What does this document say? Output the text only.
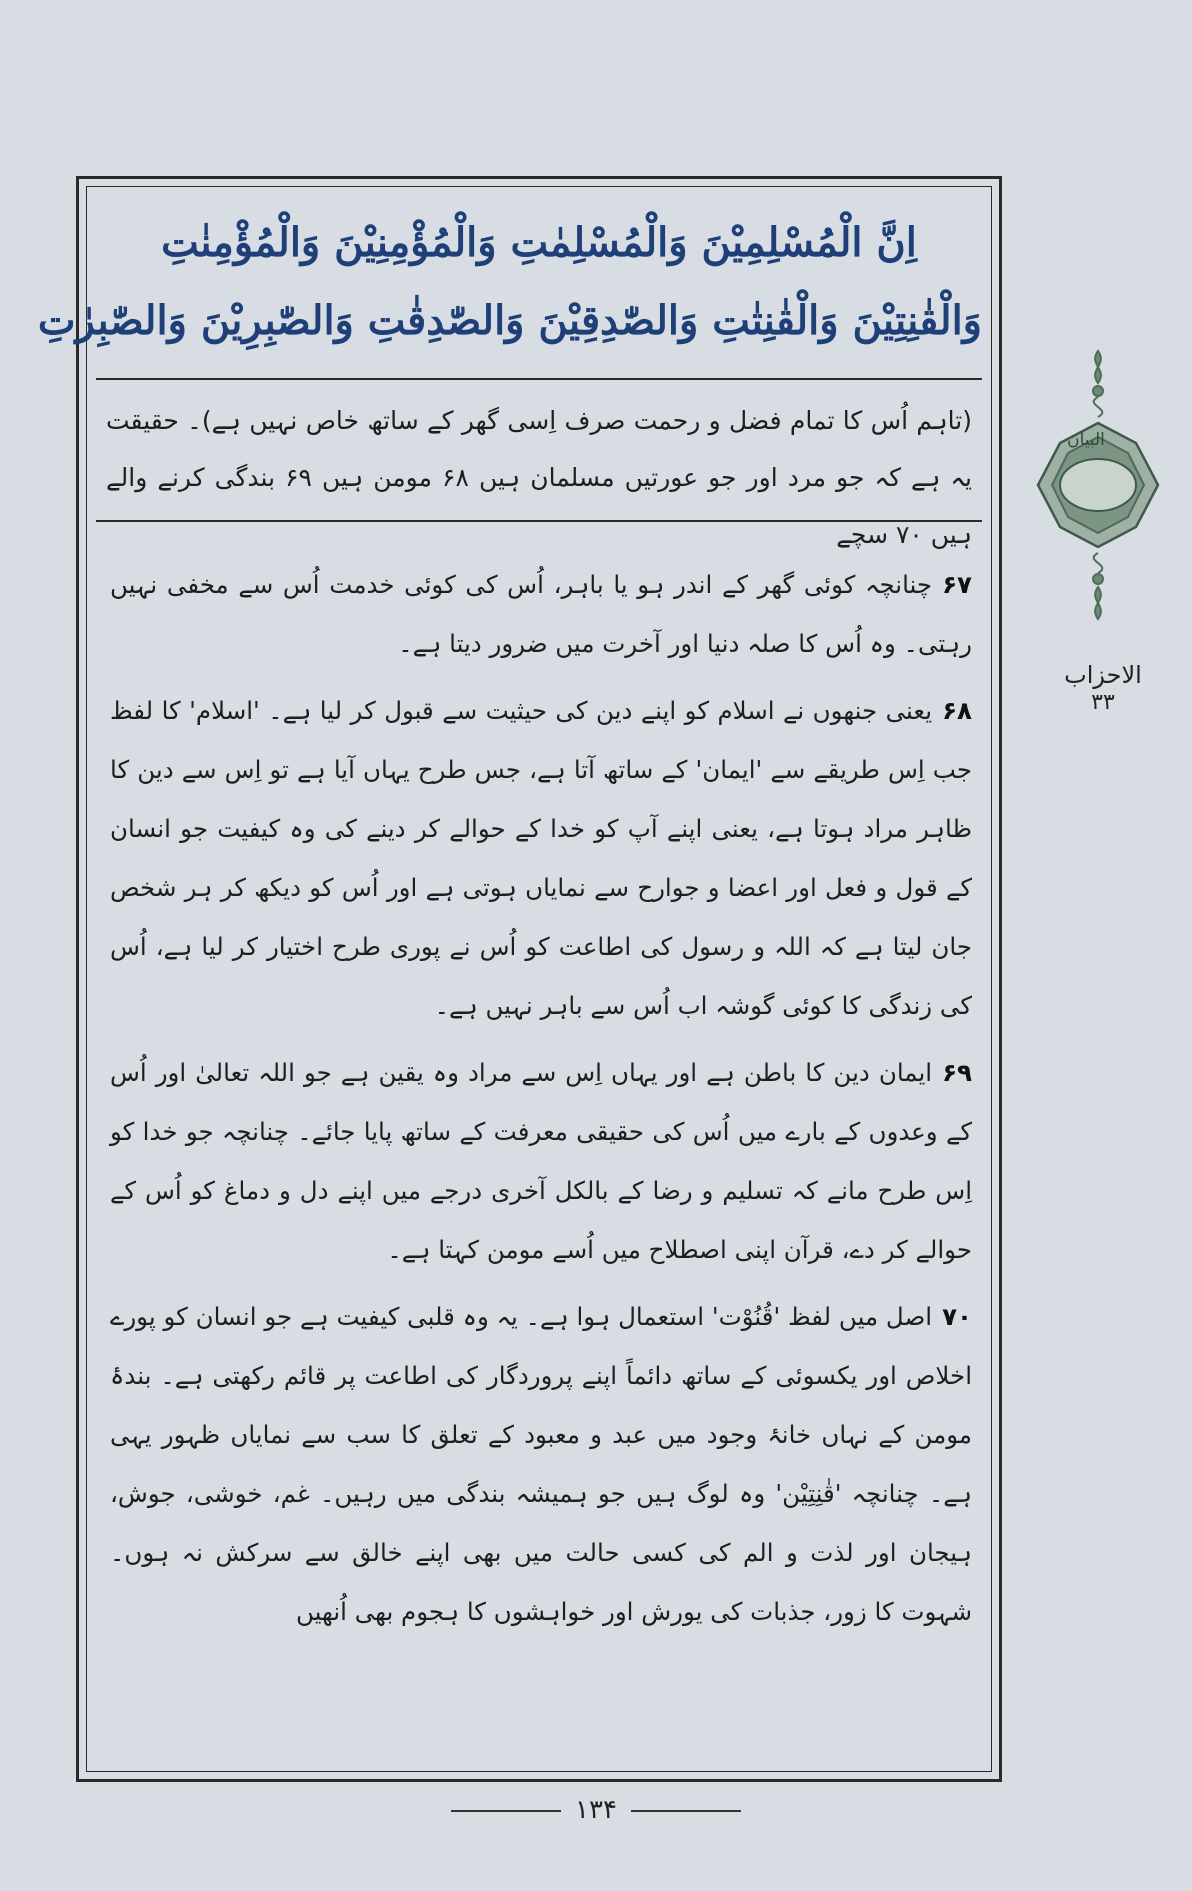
اِنَّ الْمُسْلِمِيْنَ وَالْمُسْلِمٰتِ وَالْمُؤْمِنِيْنَ وَالْمُؤْمِنٰتِ
وَالْقٰنِتِيْنَ وَالْقٰنِتٰتِ وَالصّٰدِقِيْنَ وَالصّٰدِقٰتِ وَالصّٰبِرِيْنَ وَالصّٰبِرٰتِ
(تاہم اُس کا تمام فضل و رحمت صرف اِسی گھر کے ساتھ خاص نہیں ہے)۔ حقیقت یہ ہے کہ جو مرد اور جو عورتیں مسلمان ہیں ۶۸ مومن ہیں ۶۹ بندگی کرنے والے ہیں ۷۰ سچے

۶۷چنانچہ کوئی گھر کے اندر ہو یا باہر، اُس کی کوئی خدمت اُس سے مخفی نہیں رہتی۔ وہ اُس کا صلہ دنیا اور آخرت میں ضرور دیتا ہے۔

۶۸یعنی جنھوں نے اسلام کو اپنے دین کی حیثیت سے قبول کر لیا ہے۔ 'اسلام' کا لفظ جب اِس طریقے سے 'ایمان' کے ساتھ آتا ہے، جس طرح یہاں آیا ہے تو اِس سے دین کا ظاہر مراد ہوتا ہے، یعنی اپنے آپ کو خدا کے حوالے کر دینے کی وہ کیفیت جو انسان کے قول و فعل اور اعضا و جوارح سے نمایاں ہوتی ہے اور اُس کو دیکھ کر ہر شخص جان لیتا ہے کہ اللہ و رسول کی اطاعت کو اُس نے پوری طرح اختیار کر لیا ہے، اُس کی زندگی کا کوئی گوشہ اب اُس سے باہر نہیں ہے۔

۶۹ایمان دین کا باطن ہے اور یہاں اِس سے مراد وہ یقین ہے جو اللہ تعالیٰ اور اُس کے وعدوں کے بارے میں اُس کی حقیقی معرفت کے ساتھ پایا جائے۔ چنانچہ جو خدا کو اِس طرح مانے کہ تسلیم و رضا کے بالکل آخری درجے میں اپنے دل و دماغ کو اُس کے حوالے کر دے، قرآن اپنی اصطلاح میں اُسے مومن کہتا ہے۔

۷۰اصل میں لفظ 'قُنُوْت' استعمال ہوا ہے۔ یہ وہ قلبی کیفیت ہے جو انسان کو پورے اخلاص اور یکسوئی کے ساتھ دائماً اپنے پروردگار کی اطاعت پر قائم رکھتی ہے۔ بندۂ مومن کے نہاں خانۂ وجود میں عبد و معبود کے تعلق کا سب سے نمایاں ظہور یہی ہے۔ چنانچہ 'قٰنِتِيْن' وہ لوگ ہیں جو ہمیشہ بندگی میں رہیں۔ غم، خوشی، جوش، ہیجان اور لذت و الم کی کسی حالت میں بھی اپنے خالق سے سرکش نہ ہوں۔ شہوت کا زور، جذبات کی یورش اور خواہشوں کا ہجوم بھی اُنھیں

۱۳۴
البیان
الاحزاب
۳۳
